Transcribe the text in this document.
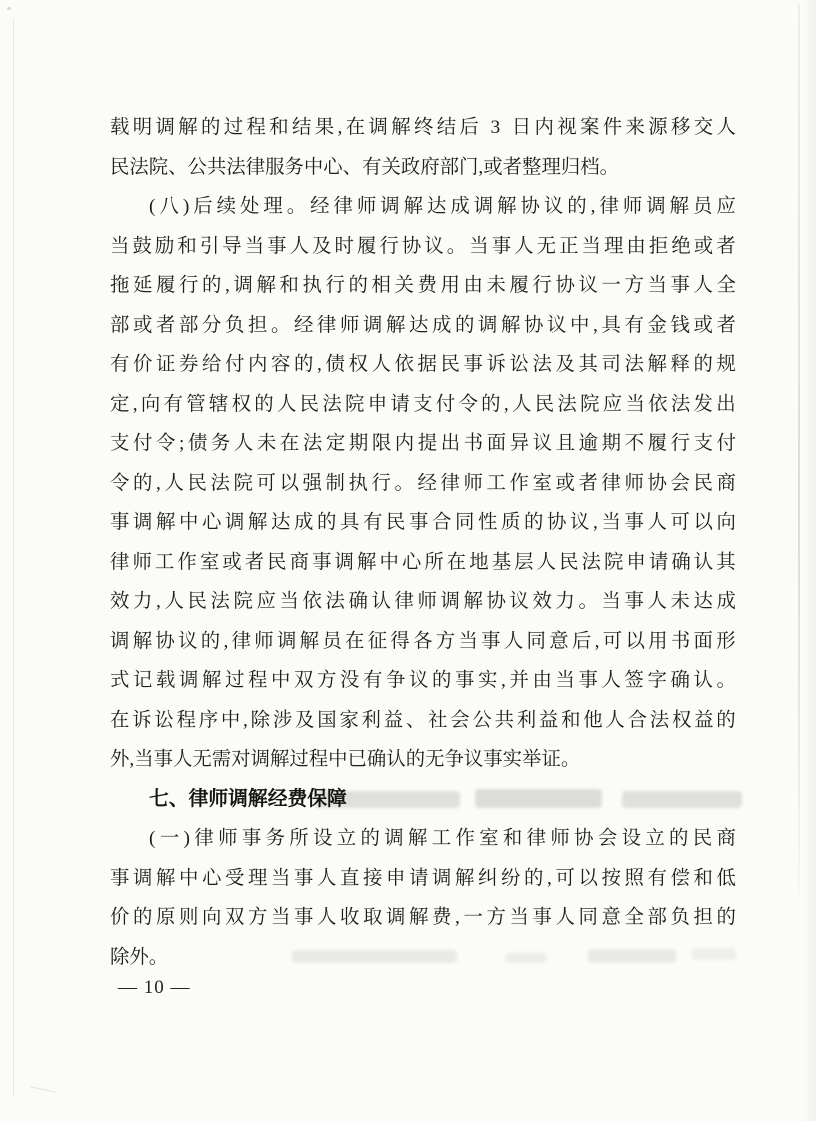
载 明 调 解 的 过 程 和 结 果 , 在 调 解 终 结 后
3
日 内 视 案 件 来 源 移 交 人
民法院、公共法律服务中心、有关政府部门,或者整理归档。
( 八 ) 后 续 处 理 。 经 律 师 调 解 达 成 调 解 协 议 的 , 律 师 调 解 员 应
当 鼓 励 和 引 导 当 事 人 及 时 履 行 协 议 。 当 事 人 无 正 当 理 由 拒 绝 或 者
拖 延 履 行 的 , 调 解 和 执 行 的 相 关 费 用 由 未 履 行 协 议 一 方 当 事 人 全
部 或 者 部 分 负 担 。 经 律 师 调 解 达 成 的 调 解 协 议 中 , 具 有 金 钱 或 者
有 价 证 券 给 付 内 容 的 , 债 权 人 依 据 民 事 诉 讼 法 及 其 司 法 解 释 的 规
定 , 向 有 管 辖 权 的 人 民 法 院 申 请 支 付 令 的 , 人 民 法 院 应 当 依 法 发 出
支 付 令 ; 债 务 人 未 在 法 定 期 限 内 提 出 书 面 异 议 且 逾 期 不 履 行 支 付
令 的 , 人 民 法 院 可 以 强 制 执 行 。 经 律 师 工 作 室 或 者 律 师 协 会 民 商
事 调 解 中 心 调 解 达 成 的 具 有 民 事 合 同 性 质 的 协 议 , 当 事 人 可 以 向
律 师 工 作 室 或 者 民 商 事 调 解 中 心 所 在 地 基 层 人 民 法 院 申 请 确 认 其
效 力 , 人 民 法 院 应 当 依 法 确 认 律 师 调 解 协 议 效 力 。 当 事 人 未 达 成
调 解 协 议 的 , 律 师 调 解 员 在 征 得 各 方 当 事 人 同 意 后 , 可 以 用 书 面 形
式 记 载 调 解 过 程 中 双 方 没 有 争 议 的 事 实 , 并 由 当 事 人 签 字 确 认 。
在 诉 讼 程 序 中 , 除 涉 及 国 家 利 益 、 社 会 公 共 利 益 和 他 人 合 法 权 益 的
外,当事人无需对调解过程中已确认的无争议事实举证。
七、律师调解经费保障
( 一 ) 律 师 事 务 所 设 立 的 调 解 工 作 室 和 律 师 协 会 设 立 的 民 商
事 调 解 中 心 受 理 当 事 人 直 接 申 请 调 解 纠 纷 的 , 可 以 按 照 有 偿 和 低
价 的 原 则 向 双 方 当 事 人 收 取 调 解 费 , 一 方 当 事 人 同 意 全 部 负 担 的
除外。
— 10 —
